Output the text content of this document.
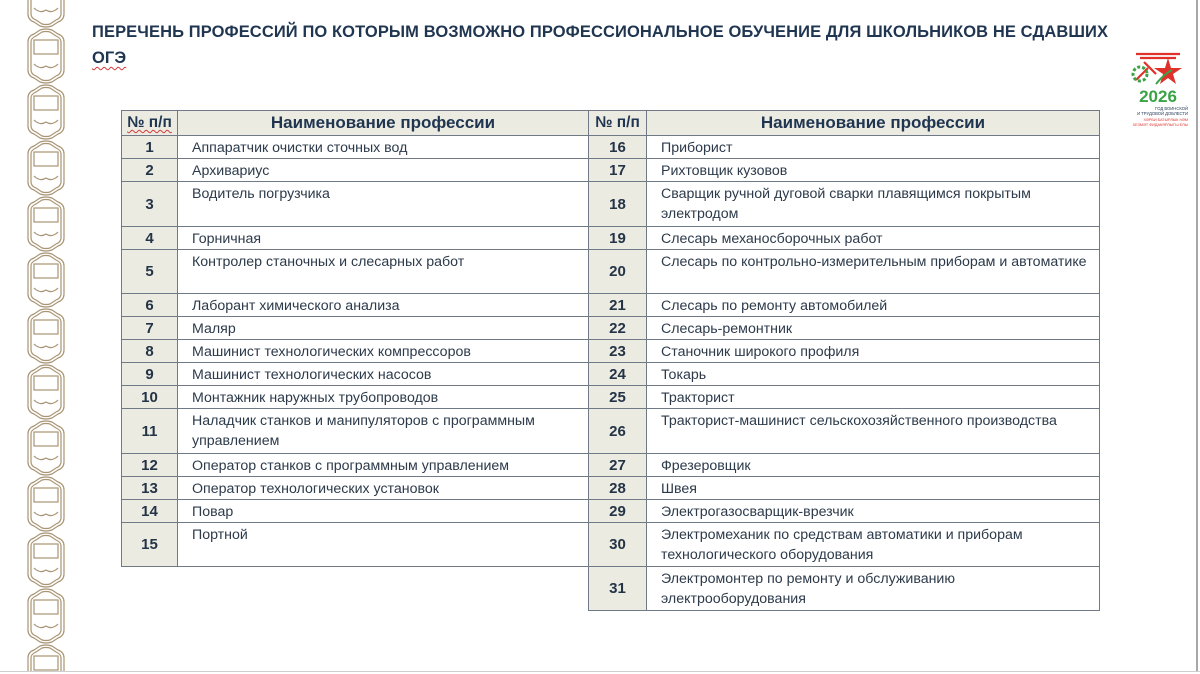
ПЕРЕЧЕНЬ ПРОФЕССИЙ ПО КОТОРЫМ ВОЗМОЖНО ПРОФЕССИОНАЛЬНОЕ ОБУЧЕНИЕ ДЛЯ ШКОЛЬНИКОВ НЕ СДАВШИХ
ОГЭ
2026
ГОД ВОИНСКОЙ
И ТРУДОВОЙ ДОБЛЕСТИ
ХӘРБИ БАТЫРЛЫК ҺӘМ
ХЕЗМӘТ ФИДАКЯРЛЫГЫ ЕЛЫ
№ п/п	Наименование профессии
1	Аппаратчик очистки сточных вод
2	Архивариус
3	Водитель погрузчика
4	Горничная
5	Контролер станочных и слесарных работ
6	Лаборант химического анализа
7	Маляр
8	Машинист технологических компрессоров
9	Машинист технологических насосов
10	Монтажник наружных трубопроводов
11	Наладчик станков и манипуляторов с программным управлением
12	Оператор станков с программным управлением
13	Оператор технологических установок
14	Повар
15	Портной
№ п/п	Наименование профессии
16	Приборист
17	Рихтовщик кузовов
18	Сварщик ручной дуговой сварки плавящимся покрытым электродом
19	Слесарь механосборочных работ
20	Слесарь по контрольно-измерительным приборам и автоматике
21	Слесарь по ремонту автомобилей
22	Слесарь-ремонтник
23	Станочник широкого профиля
24	Токарь
25	Тракторист
26	Тракторист-машинист сельскохозяйственного производства
27	Фрезеровщик
28	Швея
29	Электрогазосварщик-врезчик
30	Электромеханик по средствам автоматики и приборам технологического оборудования
31	Электромонтер по ремонту и обслуживанию электрооборудования
